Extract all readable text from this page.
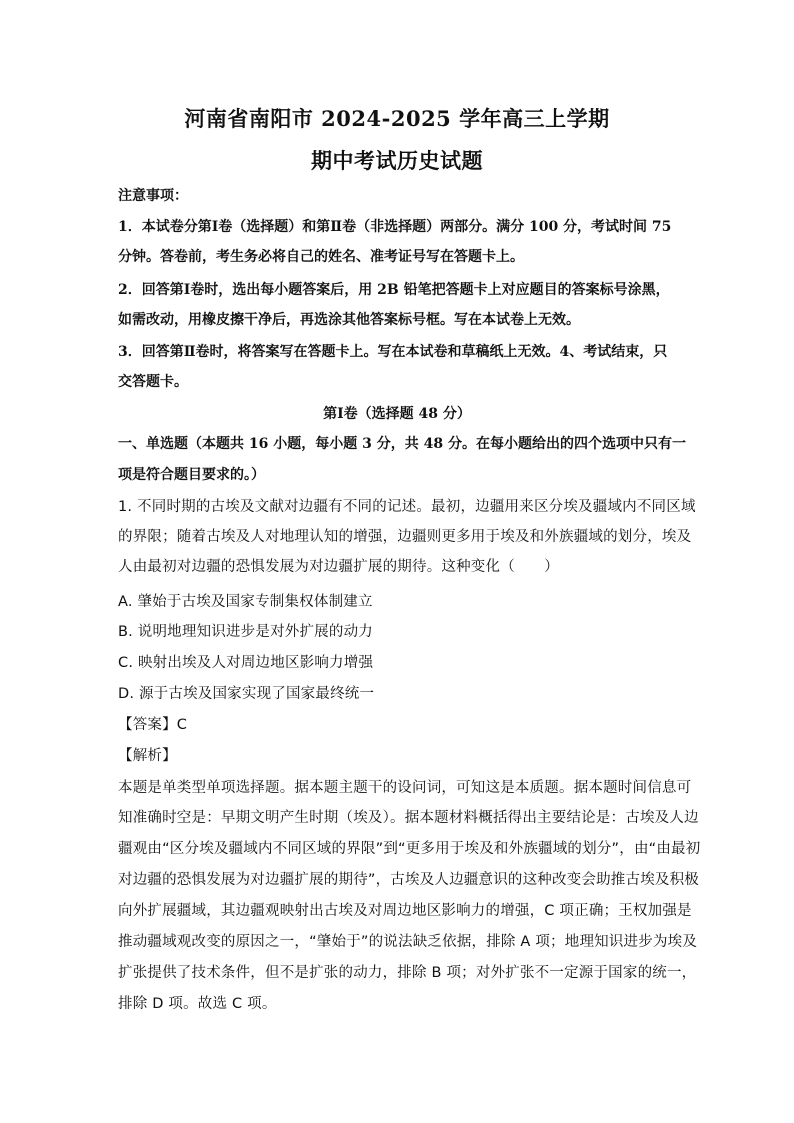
河南省南阳市 2024-2025 学年高三上学期
期中考试历史试题
注意事项：
1．本试卷分第Ⅰ卷（选择题）和第Ⅱ卷（非选择题）两部分。满分 100 分，考试时间 75
分钟。答卷前，考生务必将自己的姓名、准考证号写在答题卡上。
2．回答第Ⅰ卷时，选出每小题答案后，用 2B 铅笔把答题卡上对应题目的答案标号涂黑，
如需改动，用橡皮擦干净后，再选涂其他答案标号框。写在本试卷上无效。
3．回答第Ⅱ卷时，将答案写在答题卡上。写在本试卷和草稿纸上无效。4、考试结束，只
交答题卡。
第Ⅰ卷（选择题 48 分）
一、单选题（本题共 16 小题，每小题 3 分，共 48 分。在每小题给出的四个选项中只有一
项是符合题目要求的。）
1. 不同时期的古埃及文献对边疆有不同的记述。最初，边疆用来区分埃及疆域内不同区域
的界限；随着古埃及人对地理认知的增强，边疆则更多用于埃及和外族疆域的划分，埃及
人由最初对边疆的恐惧发展为对边疆扩展的期待。这种变化（　　）
A. 肇始于古埃及国家专制集权体制建立
B. 说明地理知识进步是对外扩展的动力
C. 映射出埃及人对周边地区影响力增强
D. 源于古埃及国家实现了国家最终统一
【答案】C
【解析】
本题是单类型单项选择题。据本题主题干的设问词，可知这是本质题。据本题时间信息可
知准确时空是：早期文明产生时期（埃及）。据本题材料概括得出主要结论是：古埃及人边
疆观由“区分埃及疆域内不同区域的界限”到“更多用于埃及和外族疆域的划分”，由“由最初
对边疆的恐惧发展为对边疆扩展的期待”，古埃及人边疆意识的这种改变会助推古埃及积极
向外扩展疆域，其边疆观映射出古埃及对周边地区影响力的增强，C 项正确；王权加强是
推动疆域观改变的原因之一，“肇始于”的说法缺乏依据，排除 A 项；地理知识进步为埃及
扩张提供了技术条件，但不是扩张的动力，排除 B 项；对外扩张不一定源于国家的统一，
排除 D 项。故选 C 项。
